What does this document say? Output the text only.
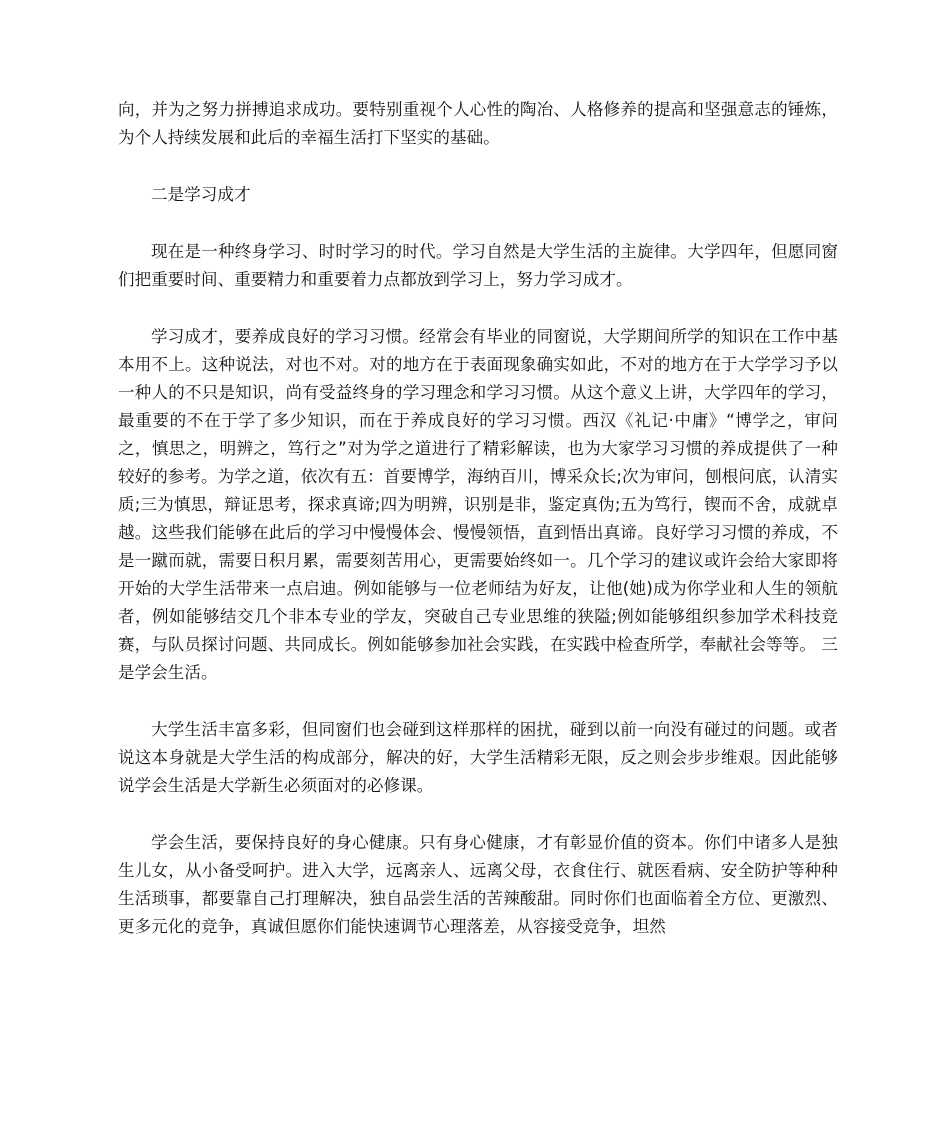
向，并为之努力拼搏追求成功。要特别重视个人心性的陶冶、人格修养的提高和坚强意志的锤炼，为个人持续发展和此后的幸福生活打下坚实的基础。

二是学习成才

现在是一种终身学习、时时学习的时代。学习自然是大学生活的主旋律。大学四年，但愿同窗们把重要时间、重要精力和重要着力点都放到学习上，努力学习成才。

学习成才，要养成良好的学习习惯。经常会有毕业的同窗说，大学期间所学的知识在工作中基本用不上。这种说法，对也不对。对的地方在于表面现象确实如此，不对的地方在于大学学习予以一种人的不只是知识，尚有受益终身的学习理念和学习习惯。从这个意义上讲，大学四年的学习，最重要的不在于学了多少知识，而在于养成良好的学习习惯。西汉《礼记·中庸》“博学之，审问之，慎思之，明辨之，笃行之”对为学之道进行了精彩解读，也为大家学习习惯的养成提供了一种较好的参考。为学之道，依次有五：首要博学，海纳百川，博采众长;次为审问，刨根问底，认清实质;三为慎思，辩证思考，探求真谛;四为明辨，识别是非，鉴定真伪;五为笃行，锲而不舍，成就卓越。这些我们能够在此后的学习中慢慢体会、慢慢领悟，直到悟出真谛。良好学习习惯的养成，不是一蹴而就，需要日积月累，需要刻苦用心，更需要始终如一。几个学习的建议或许会给大家即将开始的大学生活带来一点启迪。例如能够与一位老师结为好友，让他(她)成为你学业和人生的领航者，例如能够结交几个非本专业的学友，突破自己专业思维的狭隘;例如能够组织参加学术科技竞赛，与队员探讨问题、共同成长。例如能够参加社会实践，在实践中检查所学，奉献社会等等。 三是学会生活。

大学生活丰富多彩，但同窗们也会碰到这样那样的困扰，碰到以前一向没有碰过的问题。或者说这本身就是大学生活的构成部分，解决的好，大学生活精彩无限，反之则会步步维艰。因此能够说学会生活是大学新生必须面对的必修课。

学会生活，要保持良好的身心健康。只有身心健康，才有彰显价值的资本。你们中诸多人是独生儿女，从小备受呵护。进入大学，远离亲人、远离父母，衣食住行、就医看病、安全防护等种种生活琐事，都要靠自己打理解决，独自品尝生活的苦辣酸甜。同时你们也面临着全方位、更激烈、更多元化的竞争，真诚但愿你们能快速调节心理落差，从容接受竞争，坦然
